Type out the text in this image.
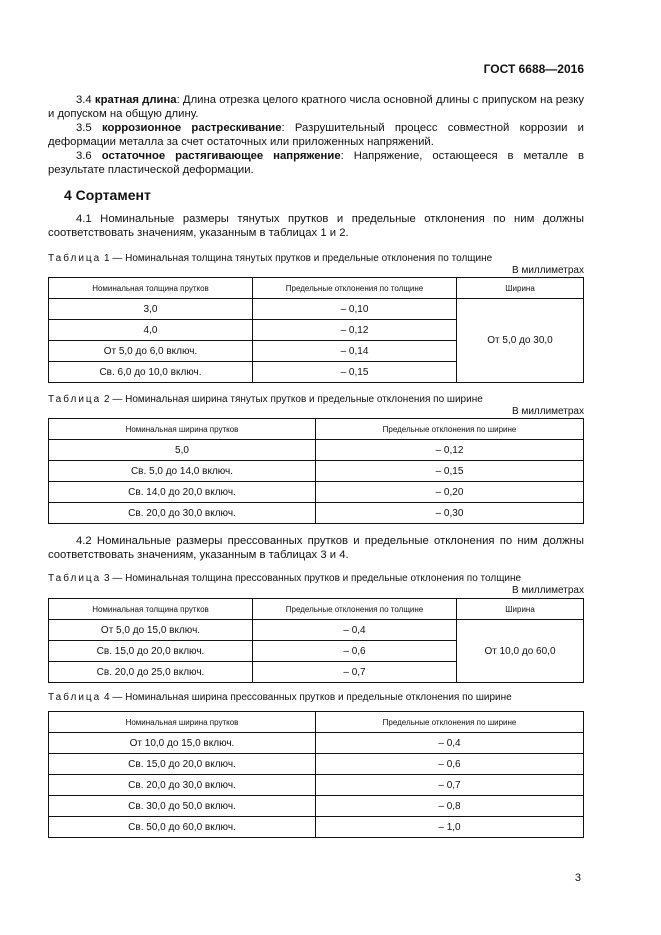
ГОСТ 6688—2016

3.4 кратная длина: Длина отрезка целого кратного числа основной длины с припуском на резку и допуском на общую длину.

3.5 коррозионное растрескивание: Разрушительный процесс совместной коррозии и деформации металла за счет остаточных или приложенных напряжений.

3.6 остаточное растягивающее напряжение: Напряжение, остающееся в металле в результате пластической деформации.

4 Сортамент

4.1 Номинальные размеры тянутых прутков и предельные отклонения по ним должны соответствовать значениям, указанным в таблицах 1 и 2.

Таблица 1 — Номинальная толщина тянутых прутков и предельные отклонения по толщине
В миллиметрах
Номинальная толщина прутков	Предельные отклонения по толщине	Ширина
3,0	– 0,10	От 5,0 до 30,0
4,0	– 0,12	
От 5,0 до 6,0 включ.	– 0,14	
Св. 6,0 до 10,0 включ.	– 0,15	
Таблица 2 — Номинальная ширина тянутых прутков и предельные отклонения по ширине
В миллиметрах
Номинальная ширина прутков	Предельные отклонения по ширине
5,0	– 0,12
Св. 5,0 до 14,0 включ.	– 0,15
Св. 14,0 до 20,0 включ.	– 0,20
Св. 20,0 до 30,0 включ.	– 0,30

4.2 Номинальные размеры прессованных прутков и предельные отклонения по ним должны соответствовать значениям, указанным в таблицах 3 и 4.

Таблица 3 — Номинальная толщина прессованных прутков и предельные отклонения по толщине
В миллиметрах
Номинальная толщина прутков	Предельные отклонения по толщине	Ширина
От 5,0 до 15,0 включ.	– 0,4	От 10,0 до 60,0
Св. 15,0 до 20,0 включ.	– 0,6	
Св. 20,0 до 25,0 включ.	– 0,7	
Таблица 4 — Номинальная ширина прессованных прутков и предельные отклонения по ширине
Номинальная ширина прутков	Предельные отклонения по ширине
От 10,0 до 15,0 включ.	– 0,4
Св. 15,0 до 20,0 включ.	– 0,6
Св. 20,0 до 30,0 включ.	– 0,7
Св. 30,0 до 50,0 включ.	– 0,8
Св. 50,0 до 60,0 включ.	– 1,0
3
